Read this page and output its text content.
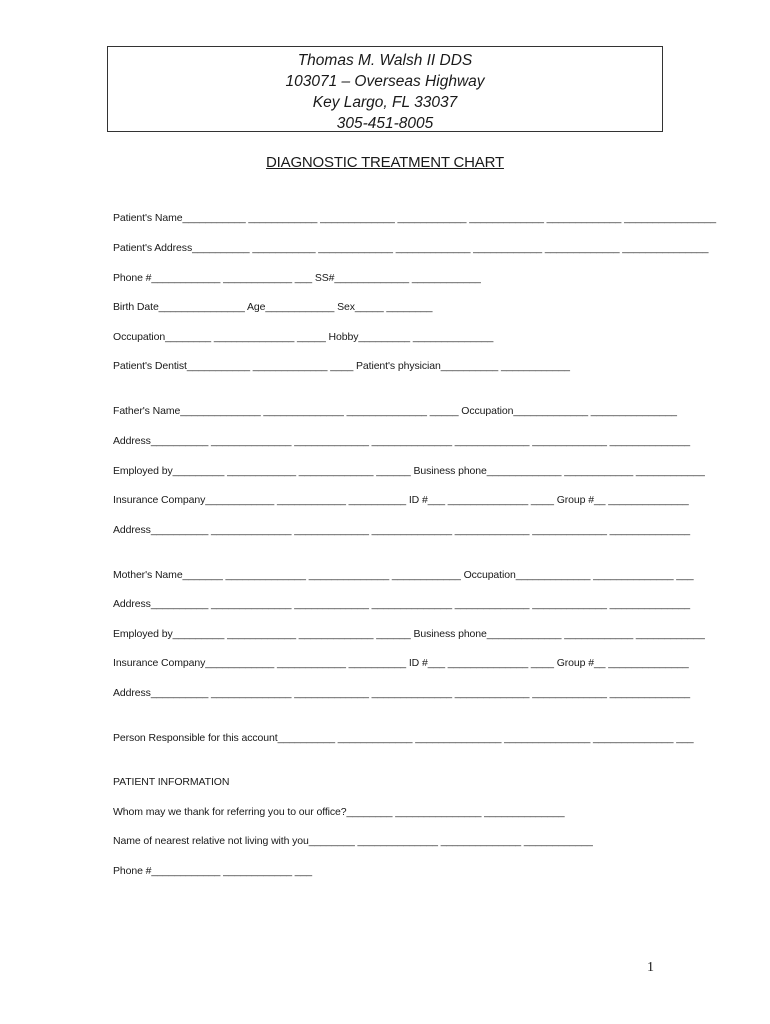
Thomas M. Walsh II DDS
103071 – Overseas Highway
Key Largo, FL 33037
305-451-8005
DIAGNOSTIC TREATMENT CHART
Patient's Name___________ ____________ _____________ ____________ _____________ _____________ ________________
Patient's Address__________ ___________ _____________ _____________ ____________ _____________ _______________
Phone #____________ ____________ ___ SS#_____________ ____________
Birth Date_______________ Age____________ Sex_____ ________
Occupation________ ______________ _____ Hobby_________ ______________
Patient's Dentist___________ _____________ ____ Patient's physician__________ ____________
Father's Name______________ ______________ ______________ _____ Occupation_____________ _______________
Address__________ ______________ _____________ ______________ _____________ _____________ ______________
Employed by_________ ____________ _____________ ______ Business phone_____________ ____________ ____________
Insurance Company____________ ____________ __________ ID #___ ______________ ____ Group #__ ______________
Address__________ ______________ _____________ ______________ _____________ _____________ ______________
Mother's Name_______ ______________ ______________ ____________ Occupation_____________ ______________ ___
Address__________ ______________ _____________ ______________ _____________ _____________ ______________
Employed by_________ ____________ _____________ ______ Business phone_____________ ____________ ____________
Insurance Company____________ ____________ __________ ID #___ ______________ ____ Group #__ ______________
Address__________ ______________ _____________ ______________ _____________ _____________ ______________
Person Responsible for this account__________ _____________ _______________ _______________ ______________ ___
PATIENT INFORMATION
Whom may we thank for referring you to our office?________ _______________ ______________
Name of nearest relative not living with you________ ______________ ______________ ____________
Phone #____________ ____________ ___
1
